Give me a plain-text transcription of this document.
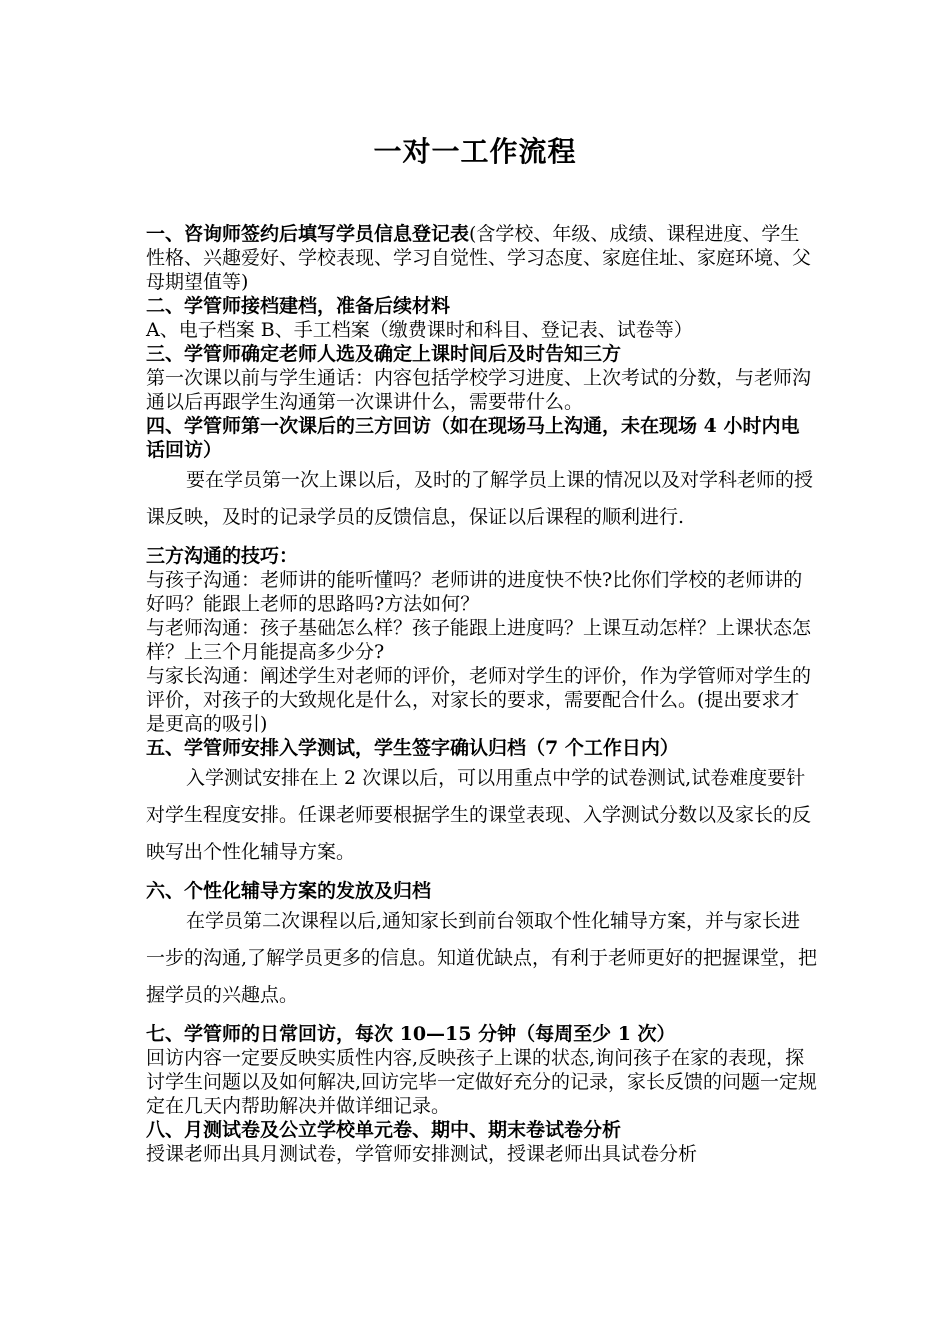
一对一工作流程

一、咨询师签约后填写学员信息登记表(含学校、年级、成绩、课程进度、学生性格、兴趣爱好、学校表现、学习自觉性、学习态度、家庭住址、家庭环境、父母期望值等)

二、学管师接档建档，准备后续材料

A、电子档案 B、手工档案（缴费课时和科目、登记表、试卷等）

三、学管师确定老师人选及确定上课时间后及时告知三方

第一次课以前与学生通话：内容包括学校学习进度、上次考试的分数，与老师沟通以后再跟学生沟通第一次课讲什么，需要带什么。

四、学管师第一次课后的三方回访（如在现场马上沟通，未在现场 4 小时内电话回访）

要在学员第一次上课以后，及时的了解学员上课的情况以及对学科老师的授课反映，及时的记录学员的反馈信息，保证以后课程的顺利进行.

三方沟通的技巧：

与孩子沟通：老师讲的能听懂吗？老师讲的进度快不快?比你们学校的老师讲的好吗？能跟上老师的思路吗?方法如何？

与老师沟通：孩子基础怎么样？孩子能跟上进度吗？上课互动怎样？上课状态怎样？上三个月能提高多少分?

与家长沟通：阐述学生对老师的评价，老师对学生的评价，作为学管师对学生的评价，对孩子的大致规化是什么，对家长的要求，需要配合什么。(提出要求才是更高的吸引)

五、学管师安排入学测试，学生签字确认归档（7 个工作日内）

入学测试安排在上 2 次课以后，可以用重点中学的试卷测试,试卷难度要针对学生程度安排。任课老师要根据学生的课堂表现、入学测试分数以及家长的反映写出个性化辅导方案。

六、个性化辅导方案的发放及归档

在学员第二次课程以后,通知家长到前台领取个性化辅导方案，并与家长进一步的沟通,了解学员更多的信息。知道优缺点，有利于老师更好的把握课堂，把握学员的兴趣点。

七、学管师的日常回访，每次 10—15 分钟（每周至少 1 次）

回访内容一定要反映实质性内容,反映孩子上课的状态,询问孩子在家的表现，探讨学生问题以及如何解决,回访完毕一定做好充分的记录，家长反馈的问题一定规定在几天内帮助解决并做详细记录。

八、月测试卷及公立学校单元卷、期中、期末卷试卷分析

授课老师出具月测试卷，学管师安排测试，授课老师出具试卷分析
